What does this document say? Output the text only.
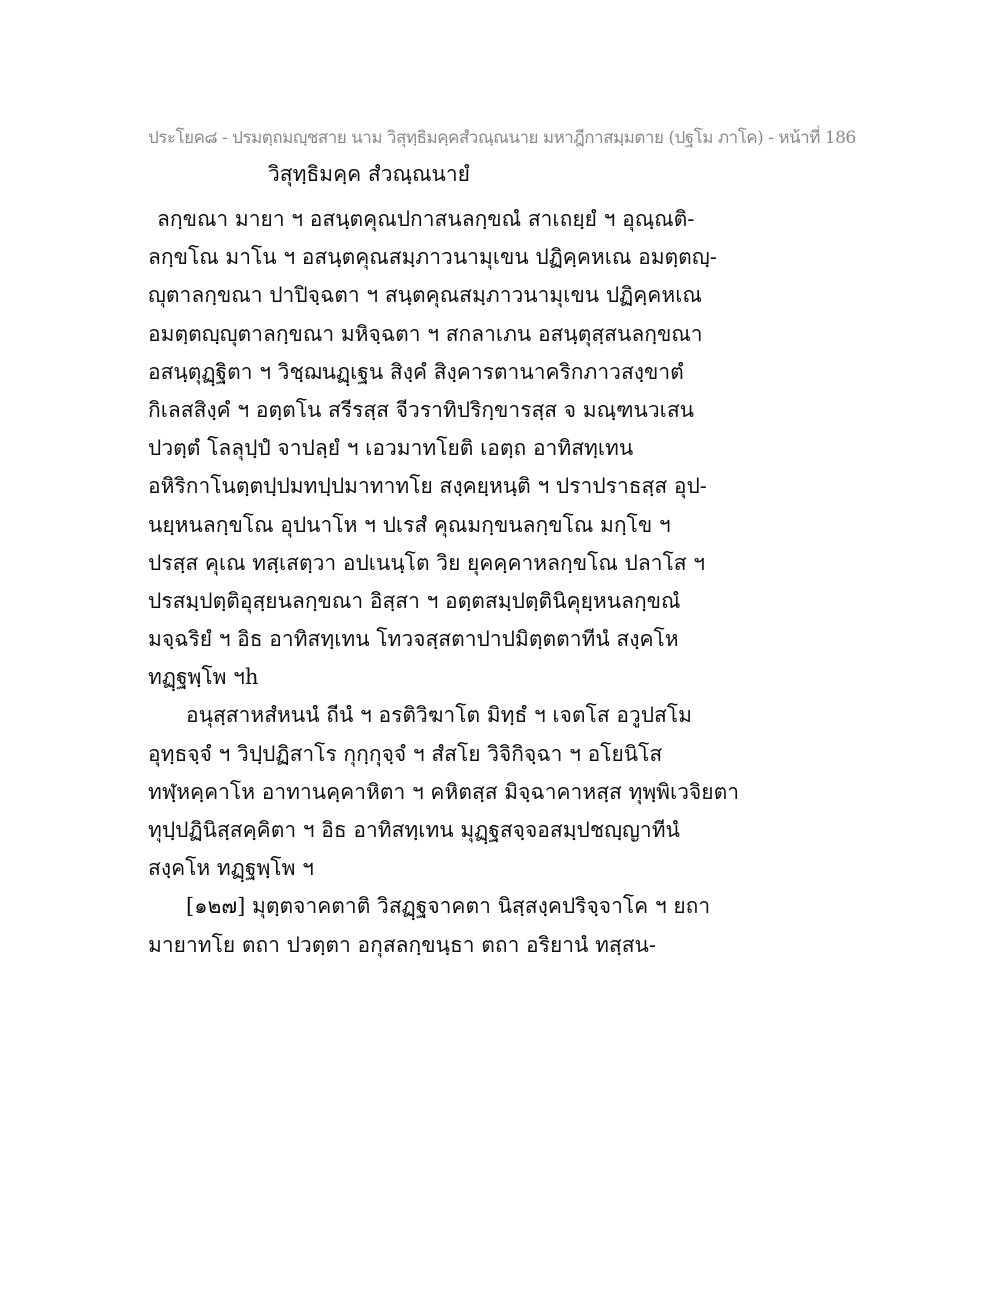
ประโยค๘ - ปรมตฺถมญฺชสาย นาม วิสุทฺธิมคฺคสํวณฺณนาย มหาฎีกาสมฺมตาย (ปฐโม ภาโค) - หน้าที่ 186
วิสุทฺธิมคฺค สํวณฺณนายํ
ลกฺขณา มายา ฯ อสนฺตคุณปกาสนลกฺขณํ สาเถยฺยํ ฯ อุณฺณติ-
ลกฺขโณ มาโน ฯ อสนฺตคุณสมฺภาวนามุเขน ปฏิคฺคหเณ อมตฺตญฺ-
ญุตาลกฺขณา ปาปิจฺฉตา ฯ สนฺตคุณสมฺภาวนามุเขน ปฏิคฺคหเณ
อมตฺตญฺญุตาลกฺขณา มหิจฺฉตา ฯ สกลาเภน อสนฺตุสฺสนลกฺขณา
อสนฺตุฏฺฐิตา ฯ วิชฺฌนฏฺเฐน สิงฺคํ สิงฺคารตานาคริกภาวสงฺขาตํ
กิเลสสิงฺคํ ฯ อตฺตโน สรีรสฺส จีวราทิปริกฺขารสฺส จ มณฺฑนวเสน
ปวตฺตํ โลลุปฺปํ จาปลฺยํ ฯ เอวมาทโยติ เอตฺถ อาทิสทฺเทน
อหิริกาโนตฺตปฺปมทปฺปมาทาทโย สงฺคยฺหนฺติ ฯ ปราปราธสฺส อุป-
นยฺหนลกฺขโณ อุปนาโห ฯ ปเรสํ คุณมกฺขนลกฺขโณ มกฺโข ฯ
ปรสฺส คุเณ ทสฺเสตฺวา อปเนนฺโต วิย ยุคคฺคาหลกฺขโณ ปลาโส ฯ
ปรสมฺปตฺติอุสฺยนลกฺขณา อิสฺสา ฯ อตฺตสมฺปตฺตินิคุยฺหนลกฺขณํ
มจฺฉริยํ ฯ อิธ อาทิสทฺเทน โทวจสฺสตาปาปมิตฺตตาทีนํ สงฺคโห
ทฏฺฐพฺโพ ฯh
อนุสฺสาหสํหนนํ ถีนํ ฯ อรติวิฆาโต มิทฺธํ ฯ เจตโส อวูปสโม
อุทฺธจฺจํ ฯ วิปฺปฏิสาโร กุกฺกุจฺจํ ฯ สํสโย วิจิกิจฺฉา ฯ อโยนิโส
ทฬฺหคฺคาโห อาทานคฺคาหิตา ฯ คหิตสฺส มิจฺฉาคาหสฺส ทุพฺพิเวจิยตา
ทุปฺปฏินิสฺสคฺคิตา ฯ อิธ อาทิสทฺเทน มุฏฺฐสจฺจอสมฺปชญฺญาทีนํ
สงฺคโห ทฏฺฐพฺโพ ฯ
[๑๒๗] มุตฺตจาคตาติ วิสฏฺฐจาคตา นิสฺสงฺคปริจฺจาโค ฯ ยถา
มายาทโย ตถา ปวตฺตา อกุสลกฺขนฺธา ตถา อริยานํ ทสฺสน-
